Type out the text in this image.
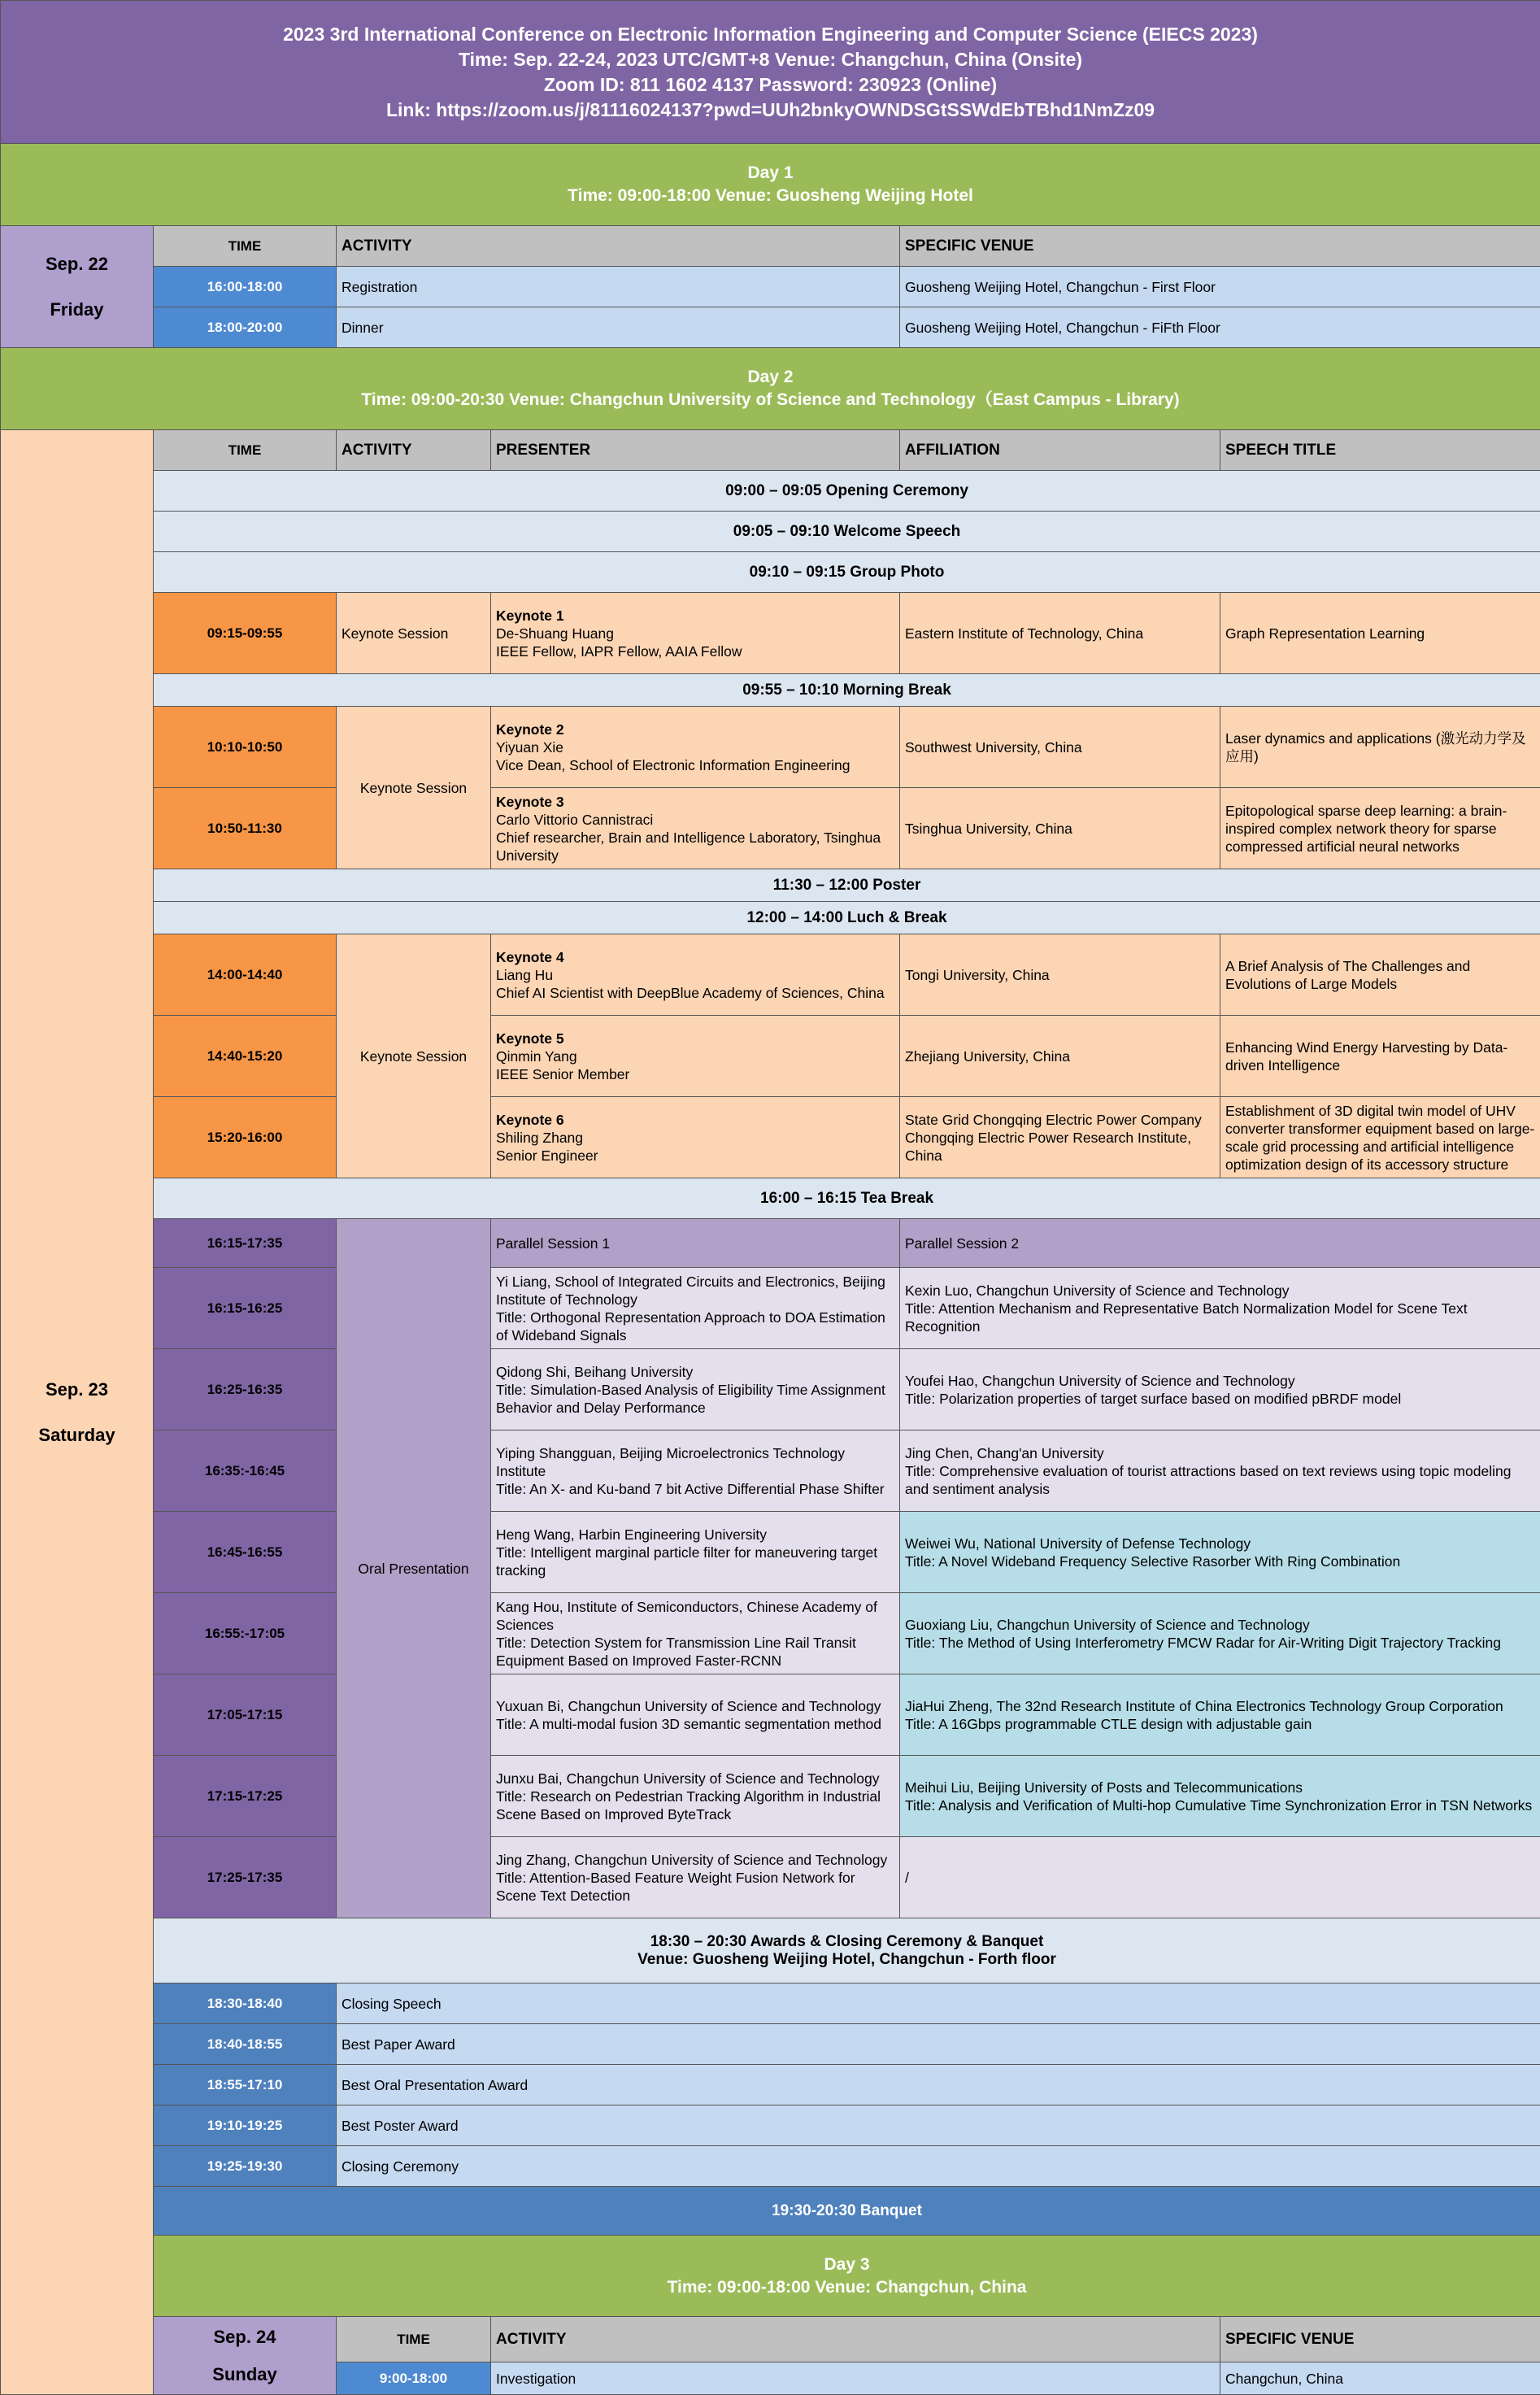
2023 3rd International Conference on Electronic Information Engineering and Computer Science (EIECS 2023)
Time: Sep. 22-24, 2023 UTC/GMT+8 Venue: Changchun, China (Onsite)
Zoom ID: 811 1602 4137 Password: 230923 (Online)
Link: https://zoom.us/j/81116024137?pwd=UUh2bnkyOWNDSGtSSWdEbTBhd1NmZz09					

Day 1
Time: 09:00-18:00 Venue: Guosheng Weijing Hotel					

Sep. 22
Friday	TIME	ACTIVITY		SPECIFIC VENUE	
	16:00-18:00	Registration		Guosheng Weijing Hotel, Changchun - First Floor	
	18:00-20:00	Dinner		Guosheng Weijing Hotel, Changchun - FiFth Floor	

Day 2
Time: 09:00-20:30 Venue: Changchun University of Science and Technology（East Campus - Library)					

Sep. 23
Saturday	TIME	ACTIVITY	PRESENTER	AFFILIATION	SPEECH TITLE
	09:00 – 09:05 Opening Ceremony				
	09:05 – 09:10 Welcome Speech				
	09:10 – 09:15 Group Photo				
	09:15-09:55	Keynote Session	Keynote 1
De-Shuang Huang
IEEE Fellow, IAPR Fellow, AAIA Fellow	Eastern Institute of Technology, China	Graph Representation Learning
	09:55 – 10:10 Morning Break				
	10:10-10:50	Keynote Session	Keynote 2
Yiyuan Xie
Vice Dean, School of Electronic Information Engineering	Southwest University, China	Laser dynamics and applications (激光动力学及应用)
	10:50-11:30		Keynote 3
Carlo Vittorio Cannistraci
Chief researcher, Brain and Intelligence Laboratory, Tsinghua University	Tsinghua University, China	Epitopological sparse deep learning: a brain-inspired complex network theory for sparse compressed artificial neural networks
	11:30 – 12:00 Poster				
	12:00 – 14:00 Luch & Break				
	14:00-14:40	Keynote Session	Keynote 4
Liang Hu
Chief AI Scientist with DeepBlue Academy of Sciences, China	Tongi University, China	A Brief Analysis of The Challenges and Evolutions of Large Models
	14:40-15:20		Keynote 5
Qinmin Yang
IEEE Senior Member	Zhejiang University, China	Enhancing Wind Energy Harvesting by Data-driven Intelligence
	15:20-16:00		Keynote 6
Shiling Zhang
Senior Engineer	State Grid Chongqing Electric Power Company Chongqing Electric Power Research Institute, China	Establishment of 3D digital twin model of UHV converter transformer equipment based on large-scale grid processing and artificial intelligence optimization design of its accessory structure

	16:00 – 16:15 Tea Break				
	16:15-17:35	Oral Presentation	Parallel Session 1	Parallel Session 2	
	16:15-16:25		Yi Liang, School of Integrated Circuits and Electronics, Beijing Institute of Technology
Title: Orthogonal Representation Approach to DOA Estimation of Wideband Signals	Kexin Luo, Changchun University of Science and Technology
Title: Attention Mechanism and Representative Batch Normalization Model for Scene Text Recognition	

	16:25-16:35		Qidong Shi, Beihang University
Title: Simulation-Based Analysis of Eligibility Time Assignment Behavior and Delay Performance	Youfei Hao, Changchun University of Science and Technology
Title: Polarization properties of target surface based on modified pBRDF model	

	16:35:-16:45		Yiping Shangguan, Beijing Microelectronics Technology Institute
Title: An X- and Ku-band 7 bit Active Differential Phase Shifter	Jing Chen, Chang'an University
Title: Comprehensive evaluation of tourist attractions based on text reviews using topic modeling and sentiment analysis	

	16:45-16:55		Heng Wang, Harbin Engineering University
Title: Intelligent marginal particle filter for maneuvering target tracking	Weiwei Wu, National University of Defense Technology
Title: A Novel Wideband Frequency Selective Rasorber With Ring Combination	

	16:55:-17:05		Kang Hou, Institute of Semiconductors, Chinese Academy of Sciences
Title: Detection System for Transmission Line Rail Transit Equipment Based on Improved Faster-RCNN	Guoxiang Liu, Changchun University of Science and Technology
Title: The Method of Using Interferometry FMCW Radar for Air-Writing Digit Trajectory Tracking	

	17:05-17:15		Yuxuan Bi, Changchun University of Science and Technology
Title: A multi-modal fusion 3D semantic segmentation method	JiaHui Zheng, The 32nd Research Institute of China Electronics Technology Group Corporation
Title: A 16Gbps programmable CTLE design with adjustable gain	

	17:15-17:25		Junxu Bai, Changchun University of Science and Technology
Title: Research on Pedestrian Tracking Algorithm in Industrial Scene Based on Improved ByteTrack	Meihui Liu, Beijing University of Posts and Telecommunications
Title: Analysis and Verification of Multi-hop Cumulative Time Synchronization Error in TSN Networks	

	17:25-17:35		Jing Zhang, Changchun University of Science and Technology
Title: Attention-Based Feature Weight Fusion Network for Scene Text Detection	/	

	18:30 – 20:30 Awards & Closing Ceremony & Banquet
Venue: Guosheng Weijing Hotel, Changchun - Forth floor				

	18:30-18:40	Closing Speech			
	18:40-18:55	Best Paper Award			
	18:55-17:10	Best Oral Presentation Award			
	19:10-19:25	Best Poster Award			
	19:25-19:30	Closing Ceremony			
	19:30-20:30 Banquet				

	Day 3
Time: 09:00-18:00 Venue: Changchun, China				

	Sep. 24
Sunday	TIME	ACTIVITY		SPECIFIC VENUE
		9:00-18:00	Investigation		Changchun, China
